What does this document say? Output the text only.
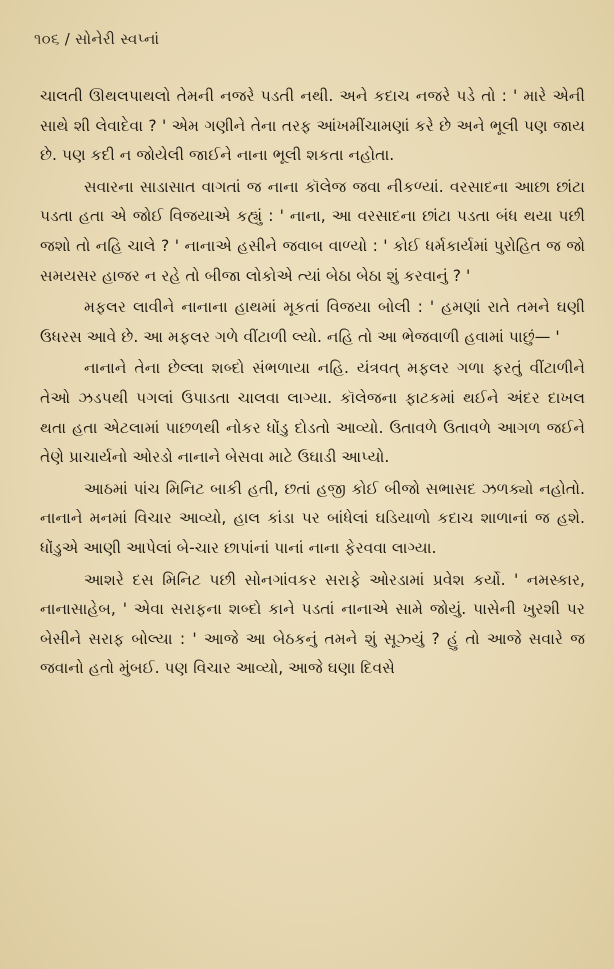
૧૦૬ / સોનેરી સ્વપ્નાં

ચાલતી ઊથલપાથલો તેમની નજરે પડતી નથી. અને કદાચ નજરે પડે તો : ' મારે એની સાથે શી લેવાદેવા ? ' એમ ગણીને તેના તરફ આંખમીંચામણાં કરે છે અને ભૂલી પણ જાય છે. પણ કદી ન જોયેલી જાઈને નાના ભૂલી શકતા નહોતા.

સવારના સાડાસાત વાગતાં જ નાના કૉલેજ જવા નીકળ્યાં. વરસાદના આછા છાંટા પડતા હતા એ જોઈ વિજયાએ કહ્યું : ' નાના, આ વરસાદના છાંટા પડતા બંધ થયા પછી જશો તો નહિ ચાલે ? ' નાનાએ હસીને જવાબ વાળ્યો : ' કોઈ ધર્મકાર્યમાં પુરોહિત જ જો સમયસર હાજર ન રહે તો બીજા લોકોએ ત્યાં બેઠા બેઠા શું કરવાનું ? '

મફલર લાવીને નાનાના હાથમાં મૂકતાં વિજયા બોલી : ' હમણાં રાતે તમને ઘણી ઉધરસ આવે છે. આ મફલર ગળે વીંટાળી લ્યો. નહિ તો આ ભેજવાળી હવામાં પાછું— '

નાનાને તેના છેલ્લા શબ્દો સંભળાયા નહિ. યંત્રવત્ મફલર ગળા ફરતું વીંટાળીને તેઓ ઝડપથી પગલાં ઉપાડતા ચાલવા લાગ્યા. કૉલેજના ફાટકમાં થઈને અંદર દાખલ થતા હતા એટલામાં પાછળથી નોકર ધોંડુ દોડતો આવ્યો. ઉતાવળે ઉતાવળે આગળ જઈને તેણે પ્રાચાર્યનો ઓરડો નાનાને બેસવા માટે ઉઘાડી આપ્યો.

આઠમાં પાંચ મિનિટ બાકી હતી, છતાં હજી કોઈ બીજો સભાસદ ઝળક્યો નહોતો. નાનાને મનમાં વિચાર આવ્યો, હાલ કાંડા પર બાંધેલાં ઘડિયાળો કદાચ શાળાનાં જ હશે. ધોંડુએ આણી આપેલાં બે-ચાર છાપાંનાં પાનાં નાના ફેરવવા લાગ્યા.

આશરે દસ મિનિટ પછી સોનગાંવકર સરાફે ઓરડામાં પ્રવેશ કર્યો. ' નમસ્કાર, નાનાસાહેબ, ' એવા સરાફના શબ્દો કાને પડતાં નાનાએ સામે જોયું. પાસેની ખુરશી પર બેસીને સરાફ બોલ્યા : ' આજે આ બેઠકનું તમને શું સૂઝ્યું ? હું તો આજે સવારે જ જવાનો હતો મુંબઈ. પણ વિચાર આવ્યો, આજે ઘણા દિવસે
